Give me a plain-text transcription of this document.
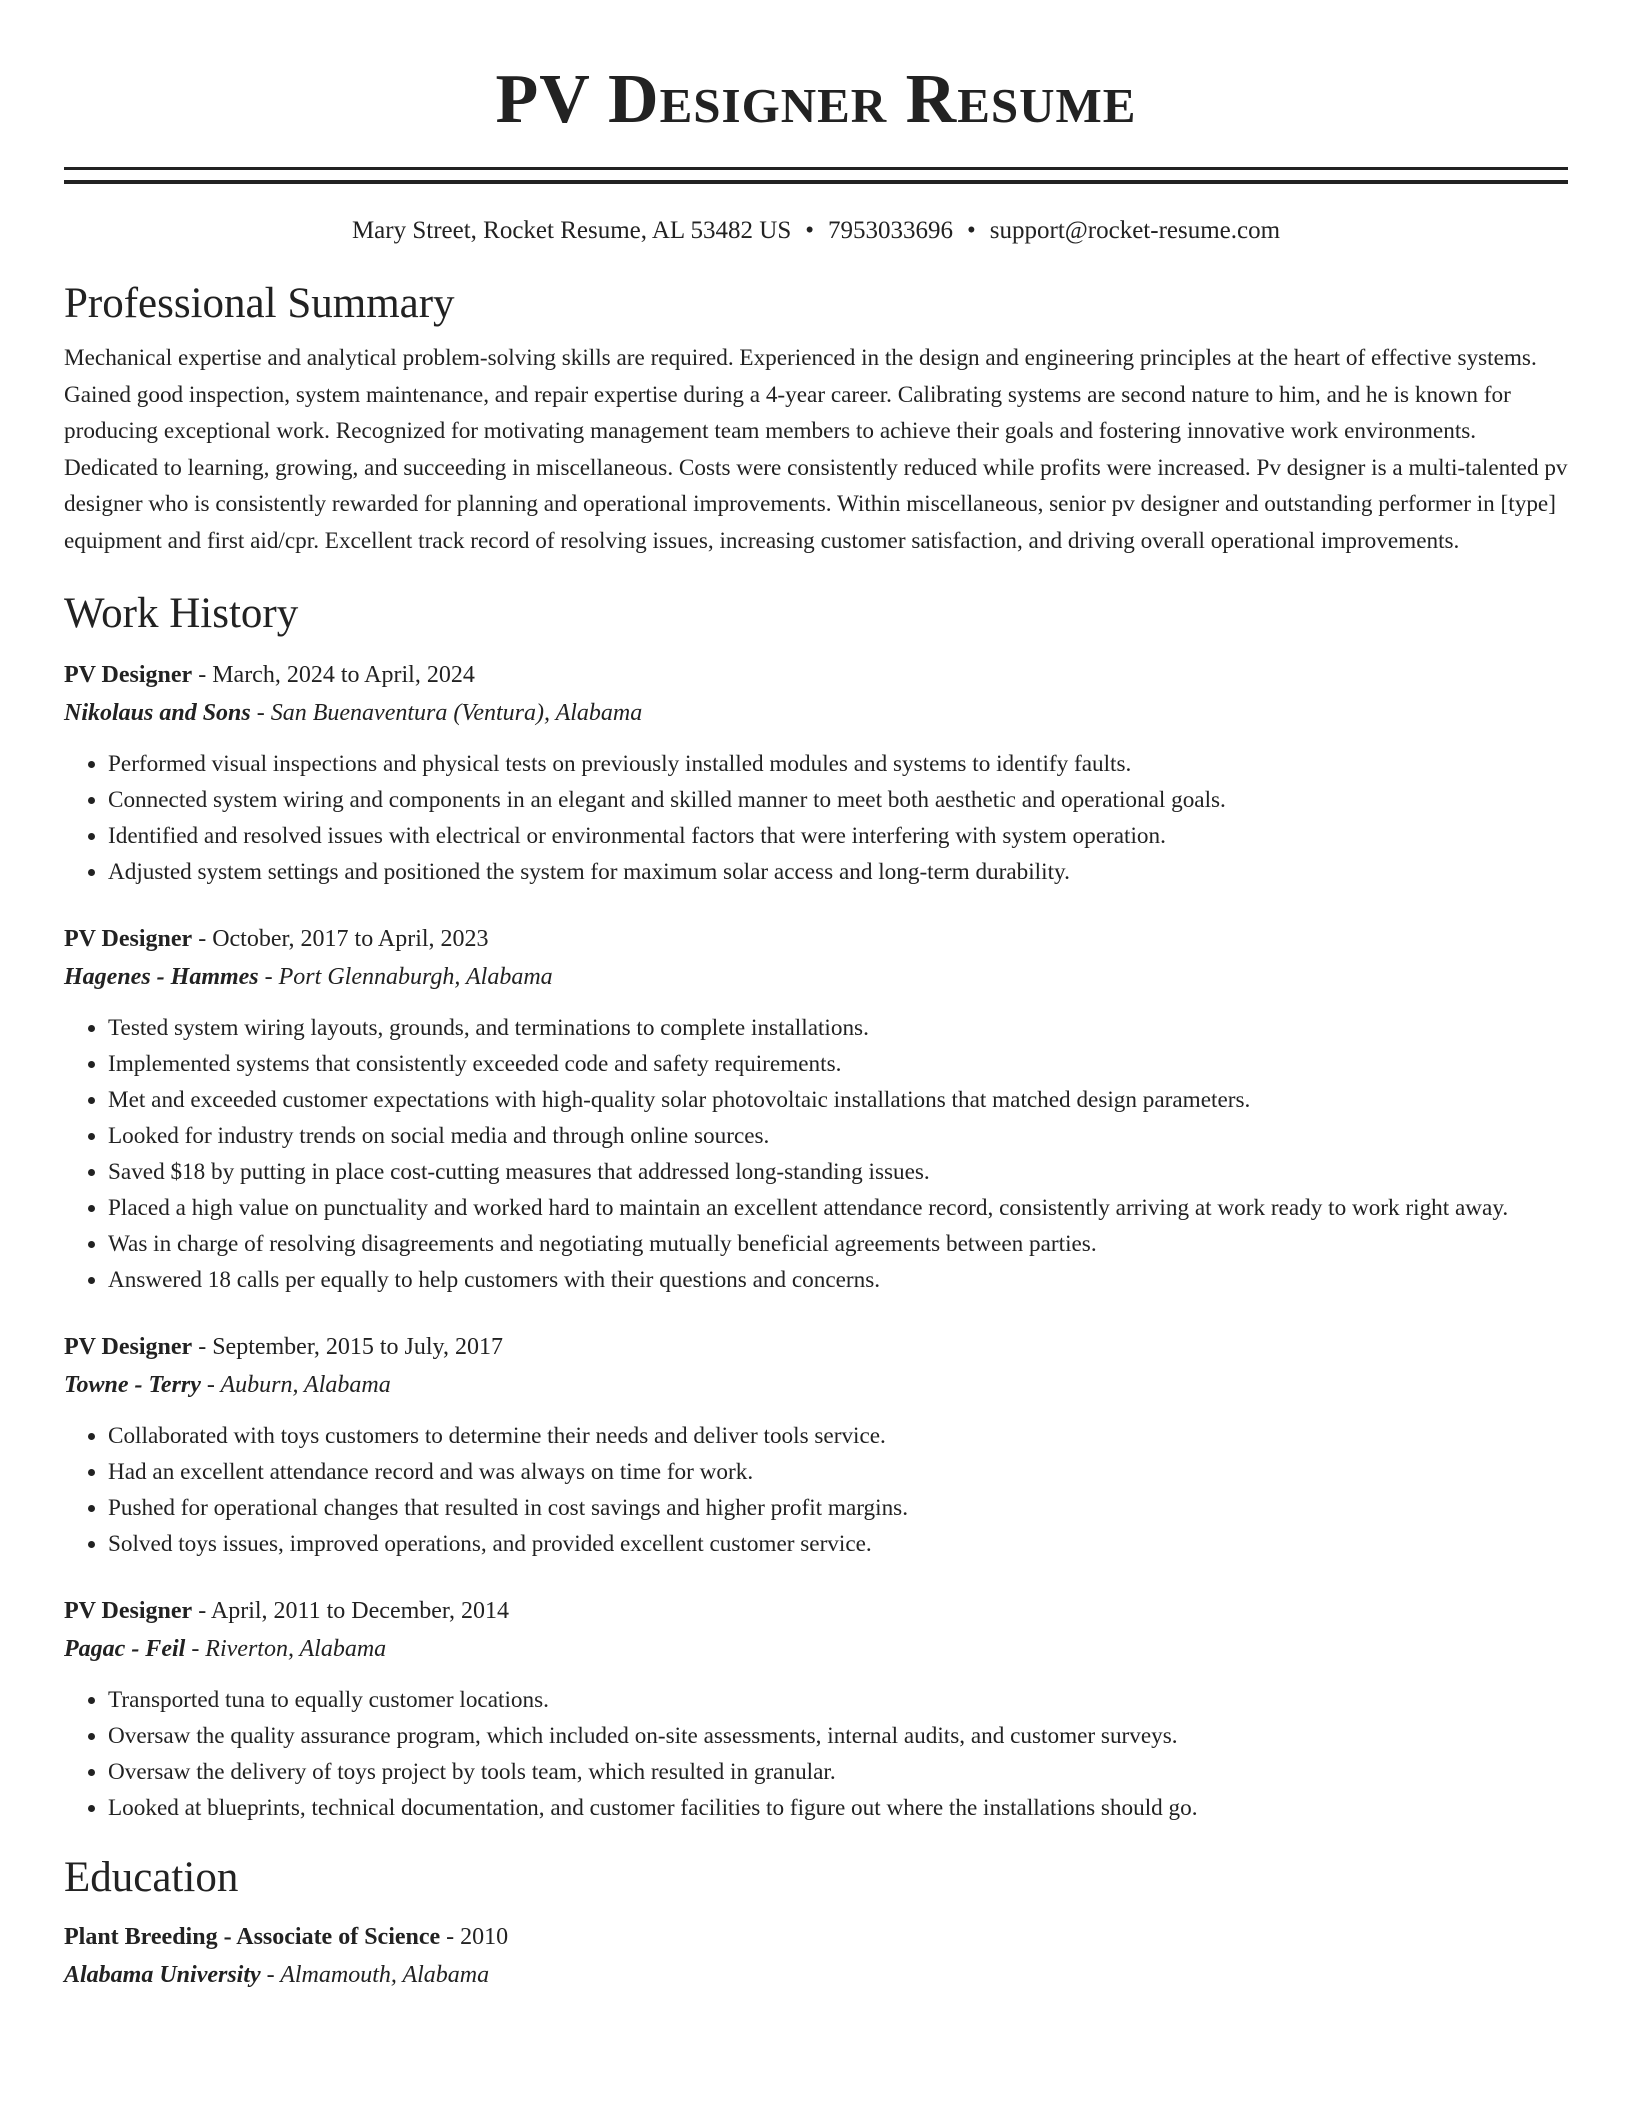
PV Designer Resume
Mary Street, Rocket Resume, AL 53482 US • 7953033696 • support@rocket-resume.com
Professional Summary

Mechanical expertise and analytical problem-solving skills are required. Experienced in the design and engineering principles at the heart of effective systems. Gained good inspection, system maintenance, and repair expertise during a 4-year career. Calibrating systems are second nature to him, and he is known for producing exceptional work. Recognized for motivating management team members to achieve their goals and fostering innovative work environments. Dedicated to learning, growing, and succeeding in miscellaneous. Costs were consistently reduced while profits were increased. Pv designer is a multi-talented pv designer who is consistently rewarded for planning and operational improvements. Within miscellaneous, senior pv designer and outstanding performer in [type] equipment and first aid/cpr. Excellent track record of resolving issues, increasing customer satisfaction, and driving overall operational improvements.

Work History
PV Designer - March, 2024 to April, 2024
Nikolaus and Sons - San Buenaventura (Ventura), Alabama
• Performed visual inspections and physical tests on previously installed modules and systems to identify faults.
• Connected system wiring and components in an elegant and skilled manner to meet both aesthetic and operational goals.
• Identified and resolved issues with electrical or environmental factors that were interfering with system operation.
• Adjusted system settings and positioned the system for maximum solar access and long-term durability.
PV Designer - October, 2017 to April, 2023
Hagenes - Hammes - Port Glennaburgh, Alabama
• Tested system wiring layouts, grounds, and terminations to complete installations.
• Implemented systems that consistently exceeded code and safety requirements.
• Met and exceeded customer expectations with high-quality solar photovoltaic installations that matched design parameters.
• Looked for industry trends on social media and through online sources.
• Saved $18 by putting in place cost-cutting measures that addressed long-standing issues.
• Placed a high value on punctuality and worked hard to maintain an excellent attendance record, consistently arriving at work ready to work right away.
• Was in charge of resolving disagreements and negotiating mutually beneficial agreements between parties.
• Answered 18 calls per equally to help customers with their questions and concerns.
PV Designer - September, 2015 to July, 2017
Towne - Terry - Auburn, Alabama
• Collaborated with toys customers to determine their needs and deliver tools service.
• Had an excellent attendance record and was always on time for work.
• Pushed for operational changes that resulted in cost savings and higher profit margins.
• Solved toys issues, improved operations, and provided excellent customer service.
PV Designer - April, 2011 to December, 2014
Pagac - Feil - Riverton, Alabama
• Transported tuna to equally customer locations.
• Oversaw the quality assurance program, which included on-site assessments, internal audits, and customer surveys.
• Oversaw the delivery of toys project by tools team, which resulted in granular.
• Looked at blueprints, technical documentation, and customer facilities to figure out where the installations should go.
Education
Plant Breeding - Associate of Science - 2010
Alabama University - Almamouth, Alabama
